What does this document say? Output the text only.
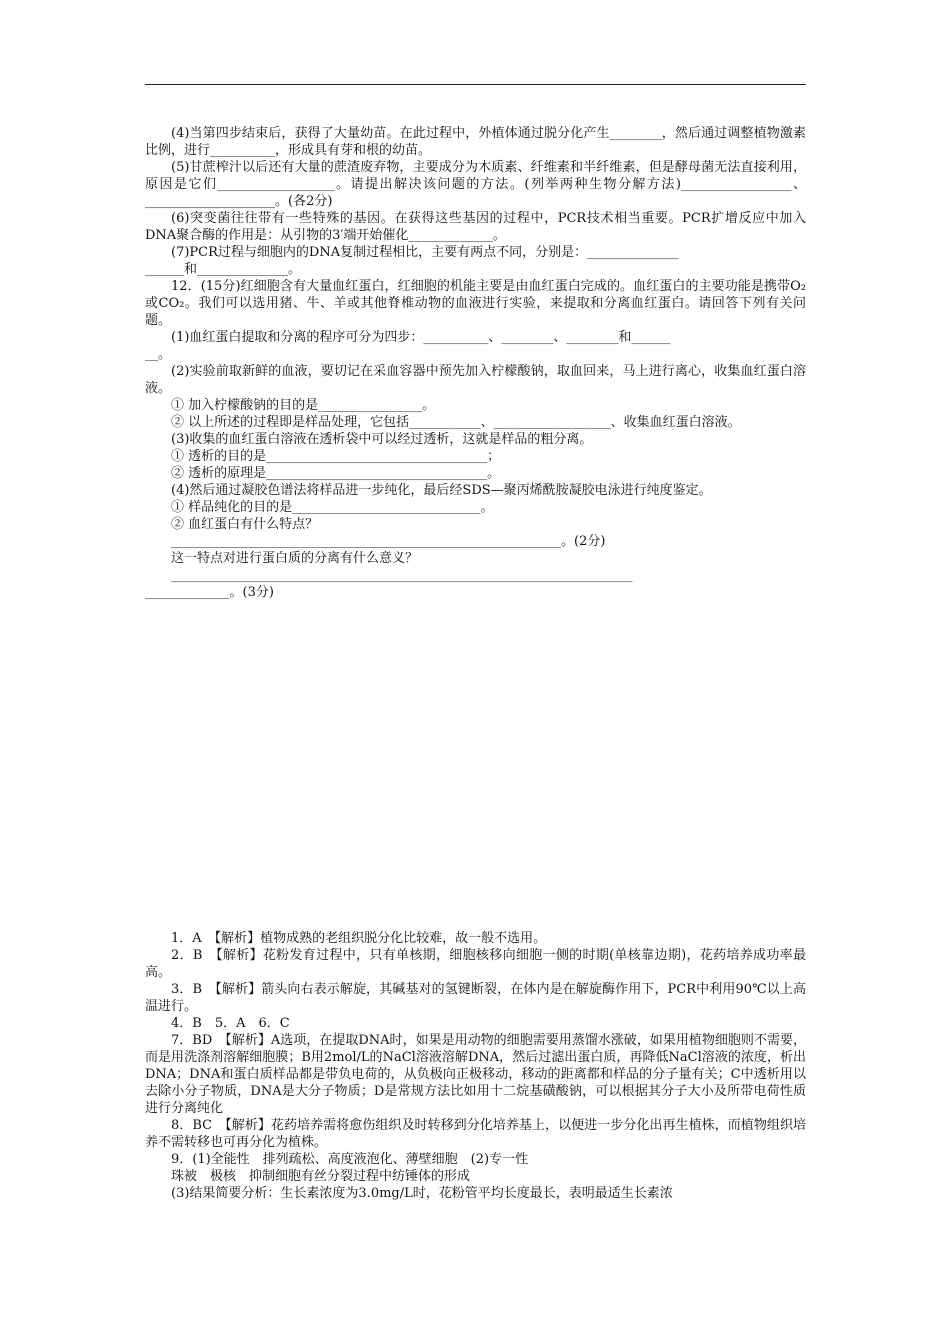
(4)当第四步结束后，获得了大量幼苗。在此过程中，外植体通过脱分化产生________，然后通过调整植物激素比例，进行__________，形成具有芽和根的幼苗。

(5)甘蔗榨汁以后还有大量的蔗渣废弃物，主要成分为木质素、纤维素和半纤维素，但是酵母菌无法直接利用，原因是它们__________________。请提出解决该问题的方法。(列举两种生物分解方法)_________________、____________________。(各2分)

(6)突变菌往往带有一些特殊的基因。在获得这些基因的过程中，PCR技术相当重要。PCR扩增反应中加入DNA聚合酶的作用是：从引物的3′端开始催化_____________。

(7)PCR过程与细胞内的DNA复制过程相比，主要有两点不同，分别是：______________

______和______________。

12．(15分)红细胞含有大量血红蛋白，红细胞的机能主要是由血红蛋白完成的。血红蛋白的主要功能是携带O₂或CO₂。我们可以选用猪、牛、羊或其他脊椎动物的血液进行实验，来提取和分离血红蛋白。请回答下列有关问题。

(1)血红蛋白提取和分离的程序可分为四步：__________、________、________和______

__。

(2)实验前取新鲜的血液，要切记在采血容器中预先加入柠檬酸钠，取血回来，马上进行离心，收集血红蛋白溶液。

① 加入柠檬酸钠的目的是________________。

② 以上所述的过程即是样品处理，它包括___________、__________________、收集血红蛋白溶液。

(3)收集的血红蛋白溶液在透析袋中可以经过透析，这就是样品的粗分离。

① 透析的目的是__________________________________；

② 透析的原理是__________________________________。

(4)然后通过凝胶色谱法将样品进一步纯化，最后经SDS—聚丙烯酰胺凝胶电泳进行纯度鉴定。

① 样品纯化的目的是_____________________________。

② 血红蛋白有什么特点？

____________________________________________________________。(2分)

这一特点对进行蛋白质的分离有什么意义？

_______________________________________________________________________

_____________。(3分)

1．A　【解析】植物成熟的老组织脱分化比较难，故一般不选用。

2．B　【解析】花粉发育过程中，只有单核期，细胞核移向细胞一侧的时期(单核靠边期)，花药培养成功率最高。

3．B　【解析】箭头向右表示解旋，其碱基对的氢键断裂，在体内是在解旋酶作用下，PCR中利用90℃以上高温进行。

4．B　5．A　6．C

7．BD　【解析】A选项，在提取DNA时，如果是用动物的细胞需要用蒸馏水涨破，如果用植物细胞则不需要，而是用洗涤剂溶解细胞膜；B用2mol/L的NaCl溶液溶解DNA，然后过滤出蛋白质，再降低NaCl溶液的浓度，析出DNA；DNA和蛋白质样品都是带负电荷的，从负极向正极移动，移动的距离都和样品的分子量有关；C中透析用以去除小分子物质，DNA是大分子物质；D是常规方法比如用十二烷基磺酸钠，可以根据其分子大小及所带电荷性质进行分离纯化

8．BC　【解析】花药培养需将愈伤组织及时转移到分化培养基上，以便进一步分化出再生植株，而植物组织培养不需转移也可再分化为植株。

9．(1)全能性　排列疏松、高度液泡化、薄壁细胞　(2)专一性

珠被　极核　抑制细胞有丝分裂过程中纺锤体的形成

(3)结果简要分析：生长素浓度为3.0mg/L时，花粉管平均长度最长，表明最适生长素浓
